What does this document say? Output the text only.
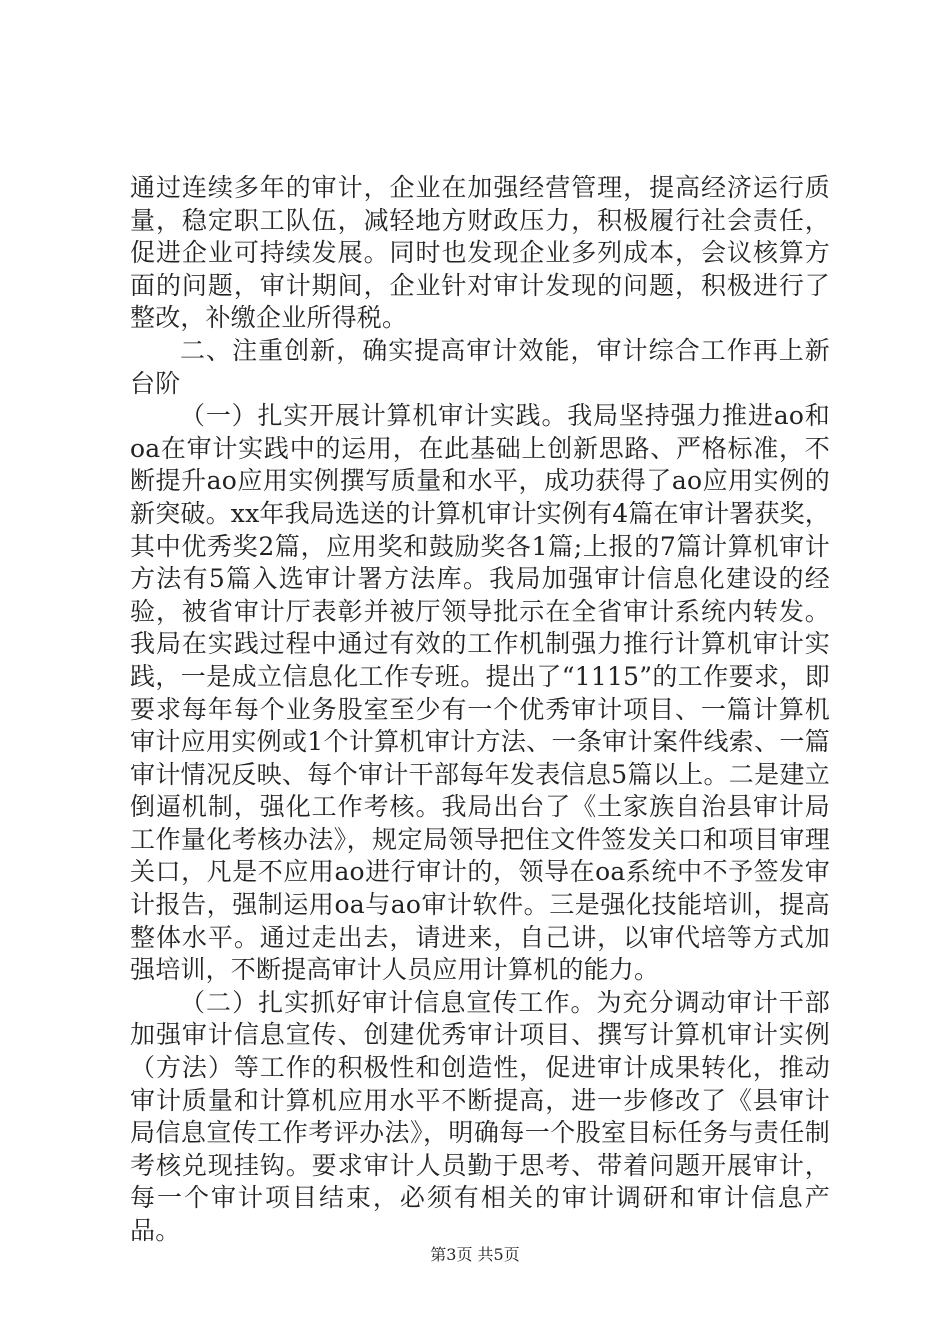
通过连续多年的审计，企业在加强经营管理，提高经济运行质量，稳定职工队伍，减轻地方财政压力，积极履行社会责任，促进企业可持续发展。同时也发现企业多列成本，会议核算方面的问题，审计期间，企业针对审计发现的问题，积极进行了整改，补缴企业所得税。

二、注重创新，确实提高审计效能，审计综合工作再上新台阶

（一）扎实开展计算机审计实践。我局坚持强力推进ao和oa在审计实践中的运用，在此基础上创新思路、严格标准，不断提升ao应用实例撰写质量和水平，成功获得了ao应用实例的新突破。xx年我局选送的计算机审计实例有4篇在审计署获奖，其中优秀奖2篇，应用奖和鼓励奖各1篇;上报的7篇计算机审计方法有5篇入选审计署方法库。我局加强审计信息化建设的经验，被省审计厅表彰并被厅领导批示在全省审计系统内转发。我局在实践过程中通过有效的工作机制强力推行计算机审计实践，一是成立信息化工作专班。提出了“1115”的工作要求，即要求每年每个业务股室至少有一个优秀审计项目、一篇计算机审计应用实例或1个计算机审计方法、一条审计案件线索、一篇审计情况反映、每个审计干部每年发表信息5篇以上。二是建立倒逼机制，强化工作考核。我局出台了《土家族自治县审计局工作量化考核办法》，规定局领导把住文件签发关口和项目审理关口，凡是不应用ao进行审计的，领导在oa系统中不予签发审计报告，强制运用oa与ao审计软件。三是强化技能培训，提高整体水平。通过走出去，请进来，自己讲，以审代培等方式加强培训，不断提高审计人员应用计算机的能力。

（二）扎实抓好审计信息宣传工作。为充分调动审计干部加强审计信息宣传、创建优秀审计项目、撰写计算机审计实例（方法）等工作的积极性和创造性，促进审计成果转化，推动审计质量和计算机应用水平不断提高，进一步修改了《县审计局信息宣传工作考评办法》，明确每一个股室目标任务与责任制考核兑现挂钩。要求审计人员勤于思考、带着问题开展审计，每一个审计项目结束，必须有相关的审计调研和审计信息产品。

第3页 共5页
